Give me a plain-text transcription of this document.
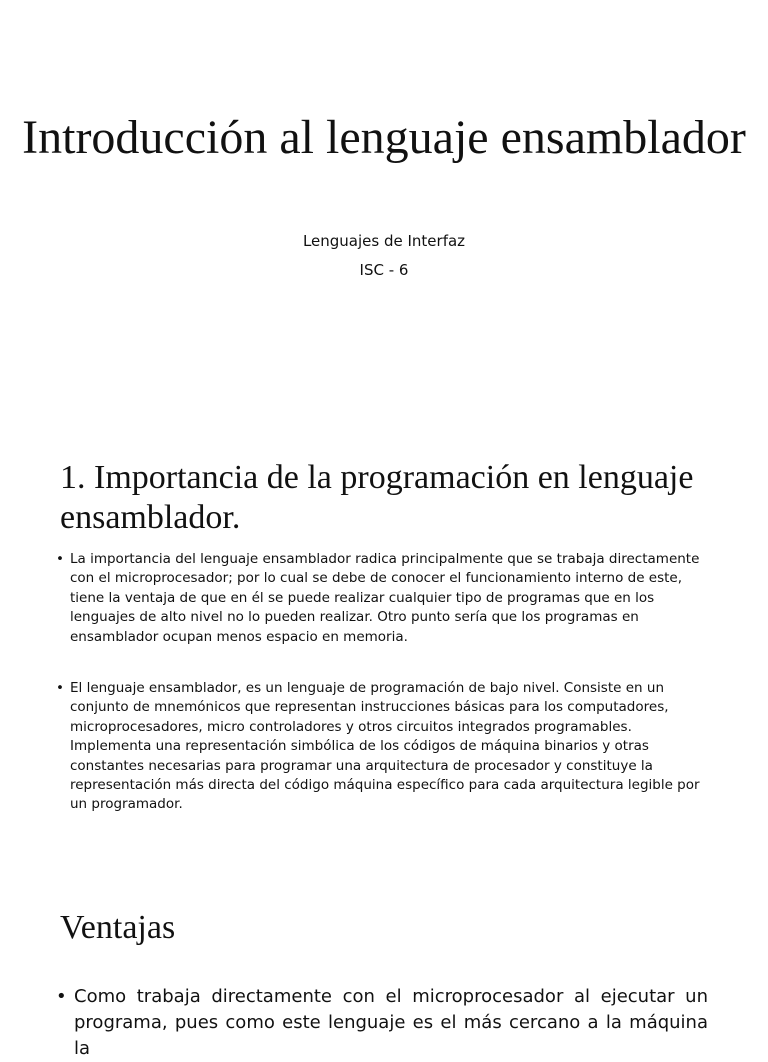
Introducción al lenguaje ensamblador

Lenguajes de Interfaz

ISC - 6

1. Importancia de la programación en lenguaje ensamblador.
• La importancia del lenguaje ensamblador radica principalmente que se trabaja directamente con el microprocesador; por lo cual se debe de conocer el funcionamiento interno de este, tiene la ventaja de que en él se puede realizar cualquier tipo de programas que en los lenguajes de alto nivel no lo pueden realizar. Otro punto sería que los programas en ensamblador ocupan menos espacio en memoria.
• El lenguaje ensamblador, es un lenguaje de programación de bajo nivel. Consiste en un conjunto de mnemónicos que representan instrucciones básicas para los computadores, microprocesadores, micro controladores y otros circuitos integrados programables. Implementa una representación simbólica de los códigos de máquina binarios y otras constantes necesarias para programar una arquitectura de procesador y constituye la representación más directa del código máquina específico para cada arquitectura legible por un programador.
Ventajas
• Como trabaja directamente con el microprocesador al ejecutar un programa, pues como este lenguaje es el más cercano a la máquina la
